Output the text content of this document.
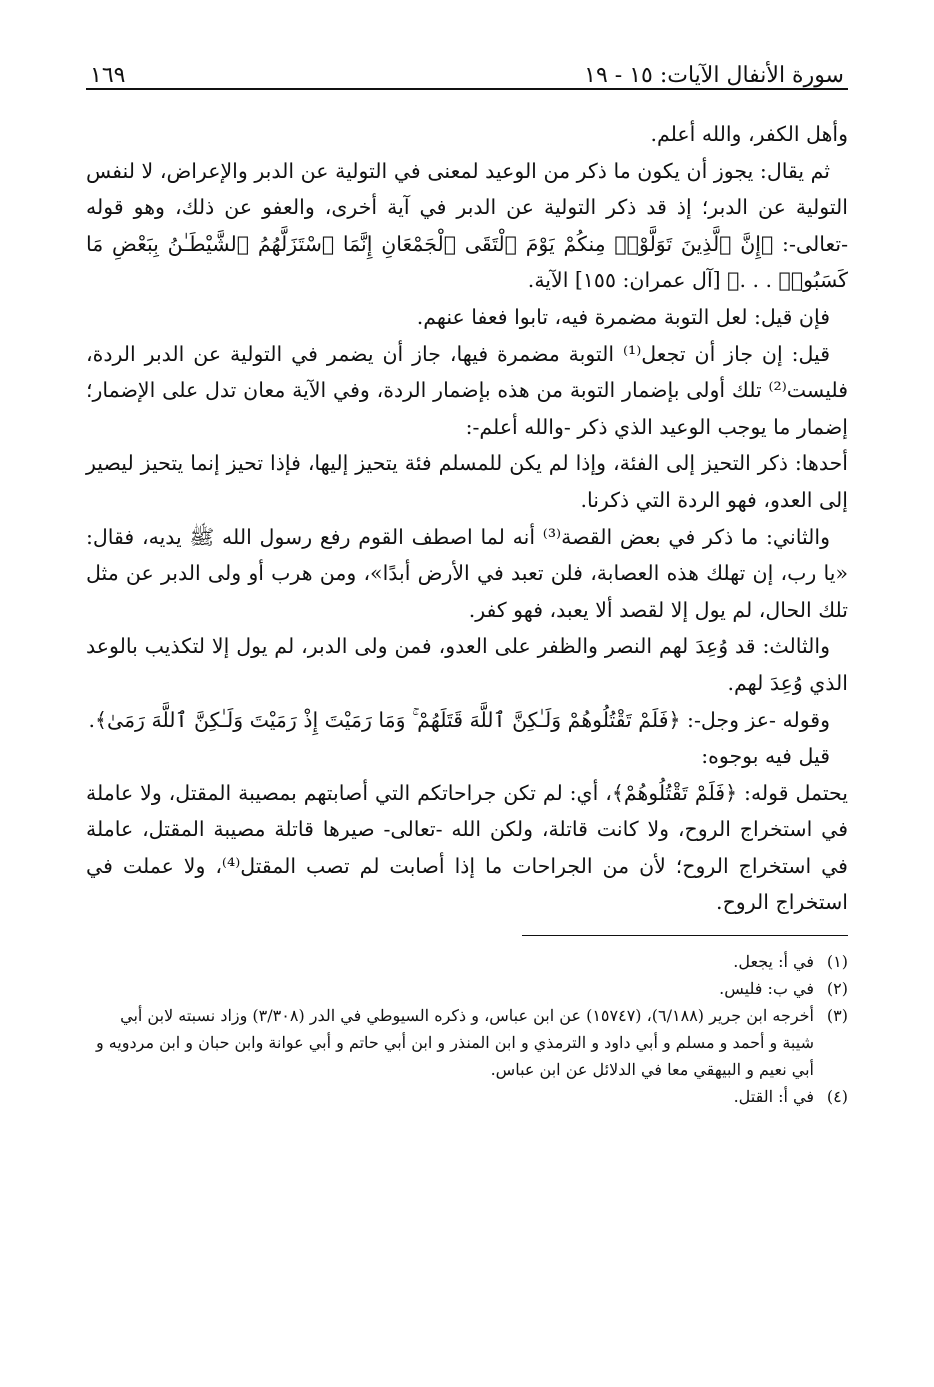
سورة الأنفال الآيات: ١٥ - ١٩
١٦٩

وأهل الكفر، والله أعلم.

ثم يقال: يجوز أن يكون ما ذكر من الوعيد لمعنى في التولية عن الدبر والإعراض، لا لنفس التولية عن الدبر؛ إذ قد ذكر التولية عن الدبر في آية أخرى، والعفو عن ذلك، وهو قوله -تعالى-: ﴿إِنَّ ٱلَّذِينَ تَوَلَّوْا۟ مِنكُمْ يَوْمَ ٱلْتَقَى ٱلْجَمْعَانِ إِنَّمَا ٱسْتَزَلَّهُمُ ٱلشَّيْطَـٰنُ بِبَعْضِ مَا كَسَبُوا۟ . . .﴾ [آل عمران: ١٥٥] الآية.

فإن قيل: لعل التوبة مضمرة فيه، تابوا فعفا عنهم.

قيل: إن جاز أن تجعل⁽¹⁾ التوبة مضمرة فيها، جاز أن يضمر في التولية عن الدبر الردة، فليست⁽²⁾ تلك أولى بإضمار التوبة من هذه بإضمار الردة، وفي الآية معان تدل على الإضمار؛ إضمار ما يوجب الوعيد الذي ذكر -والله أعلم-:

أحدها: ذكر التحيز إلى الفئة، وإذا لم يكن للمسلم فئة يتحيز إليها، فإذا تحيز إنما يتحيز ليصير إلى العدو، فهو الردة التي ذكرنا.

والثاني: ما ذكر في بعض القصة⁽³⁾ أنه لما اصطف القوم رفع رسول الله ﷺ يديه، فقال: «يا رب، إن تهلك هذه العصابة، فلن تعبد في الأرض أبدًا»، ومن هرب أو ولى الدبر عن مثل تلك الحال، لم يول إلا لقصد ألا يعبد، فهو كفر.

والثالث: قد وُعِدَ لهم النصر والظفر على العدو، فمن ولى الدبر، لم يول إلا لتكذيب بالوعد الذي وُعِدَ لهم.

وقوله -عز وجل-: ﴿فَلَمْ تَقْتُلُوهُمْ وَلَـٰكِنَّ ٱللَّهَ قَتَلَهُمْ ۚ وَمَا رَمَيْتَ إِذْ رَمَيْتَ وَلَـٰكِنَّ ٱللَّهَ رَمَىٰ﴾.

قيل فيه بوجوه:

يحتمل قوله: ﴿فَلَمْ تَقْتُلُوهُمْ﴾، أي: لم تكن جراحاتكم التي أصابتهم بمصيبة المقتل، ولا عاملة في استخراج الروح، ولا كانت قاتلة، ولكن الله -تعالى- صيرها قاتلة مصيبة المقتل، عاملة في استخراج الروح؛ لأن من الجراحات ما إذا أصابت لم تصب المقتل⁽⁴⁾، ولا عملت في استخراج الروح.

(١)
في أ: يجعل.
(٢)
في ب: فليس.
(٣)
أخرجه ابن جرير (٦/١٨٨)، (١٥٧٤٧) عن ابن عباس، و ذكره السيوطي في الدر (٣/٣٠٨) وزاد نسبته لابن أبي شيبة و أحمد و مسلم و أبي داود و الترمذي و ابن المنذر و ابن أبي حاتم و أبي عوانة وابن حبان و ابن مردويه و أبي نعيم و البيهقي معا في الدلائل عن ابن عباس.
(٤)
في أ: القتل.
